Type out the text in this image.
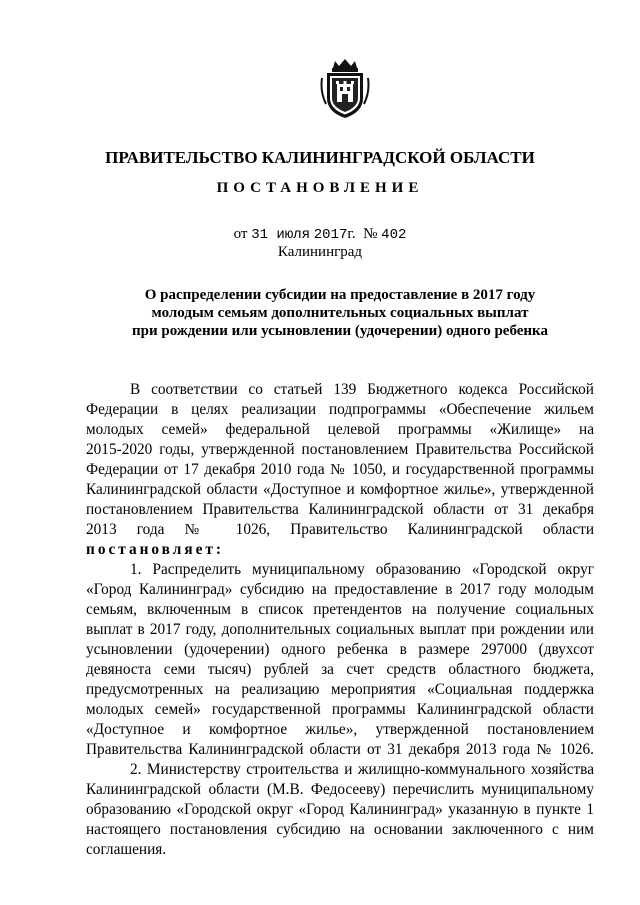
ПРАВИТЕЛЬСТВО КАЛИНИНГРАДСКОЙ ОБЛАСТИ
ПОСТАНОВЛЕНИЕ
от 31 июля 2017г. № 402
Калининград
О распределении субсидии на предоставление в 2017 году
молодым семьям дополнительных социальных выплат
при рождении или усыновлении (удочерении) одного ребенка
В соответствии со статьей 139 Бюджетного кодекса Российской
Федерации в целях реализации подпрограммы «Обеспечение жильем
молодых семей» федеральной целевой программы «Жилище» на
2015-2020 годы, утвержденной постановлением Правительства Российской
Федерации от 17 декабря 2010 года № 1050, и государственной программы
Калининградской области «Доступное и комфортное жилье», утвержденной
постановлением Правительства Калининградской области от 31 декабря
2013 года № 1026, Правительство Калининградской области
постановляет:
1. Распределить муниципальному образованию «Городской округ
«Город Калининград» субсидию на предоставление в 2017 году молодым
семьям, включенным в список претендентов на получение социальных
выплат в 2017 году, дополнительных социальных выплат при рождении или
усыновлении (удочерении) одного ребенка в размере 297000 (двухсот
девяноста семи тысяч) рублей за счет средств областного бюджета,
предусмотренных на реализацию мероприятия «Социальная поддержка
молодых семей» государственной программы Калининградской области
«Доступное и комфортное жилье», утвержденной постановлением
Правительства Калининградской области от 31 декабря 2013 года № 1026.
2. Министерству строительства и жилищно-коммунального хозяйства
Калининградской области (М.В. Федосееву) перечислить муниципальному
образованию «Городской округ «Город Калининград» указанную в пункте 1
настоящего постановления субсидию на основании заключенного с ним
соглашения.
